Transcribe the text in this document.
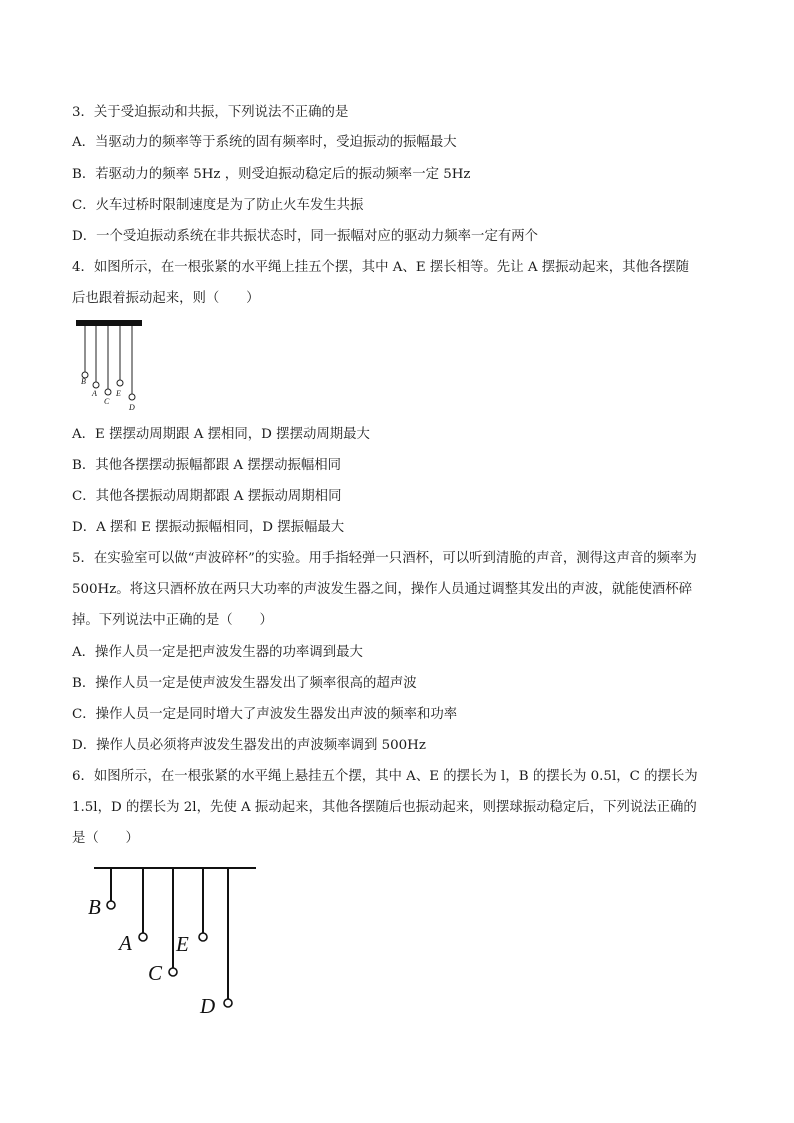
3．关于受迫振动和共振，下列说法不正确的是
A．当驱动力的频率等于系统的固有频率时，受迫振动的振幅最大
B．若驱动力的频率 5Hz ，则受迫振动稳定后的振动频率一定 5Hz
C．火车过桥时限制速度是为了防止火车发生共振
D．一个受迫振动系统在非共振状态时，同一振幅对应的驱动力频率一定有两个
4．如图所示，在一根张紧的水平绳上挂五个摆，其中 A、E 摆长相等。先让 A 摆振动起来，其他各摆随
后也跟着振动起来，则（　　）
B
A
C
E
D
A．E 摆摆动周期跟 A 摆相同，D 摆摆动周期最大
B．其他各摆摆动振幅都跟 A 摆摆动振幅相同
C．其他各摆振动周期都跟 A 摆振动周期相同
D．A 摆和 E 摆振动振幅相同，D 摆振幅最大
5．在实验室可以做“声波碎杯”的实验。用手指轻弹一只酒杯，可以听到清脆的声音，测得这声音的频率为
500Hz。将这只酒杯放在两只大功率的声波发生器之间，操作人员通过调整其发出的声波，就能使酒杯碎
掉。下列说法中正确的是（　　）
A．操作人员一定是把声波发生器的功率调到最大
B．操作人员一定是使声波发生器发出了频率很高的超声波
C．操作人员一定是同时增大了声波发生器发出声波的频率和功率
D．操作人员必须将声波发生器发出的声波频率调到 500Hz
6．如图所示，在一根张紧的水平绳上悬挂五个摆，其中 A、E 的摆长为 l，B 的摆长为 0.5l，C 的摆长为
1.5l，D 的摆长为 2l，先使 A 振动起来，其他各摆随后也振动起来，则摆球振动稳定后，下列说法正确的
是（　　）
B
A E
C
D
